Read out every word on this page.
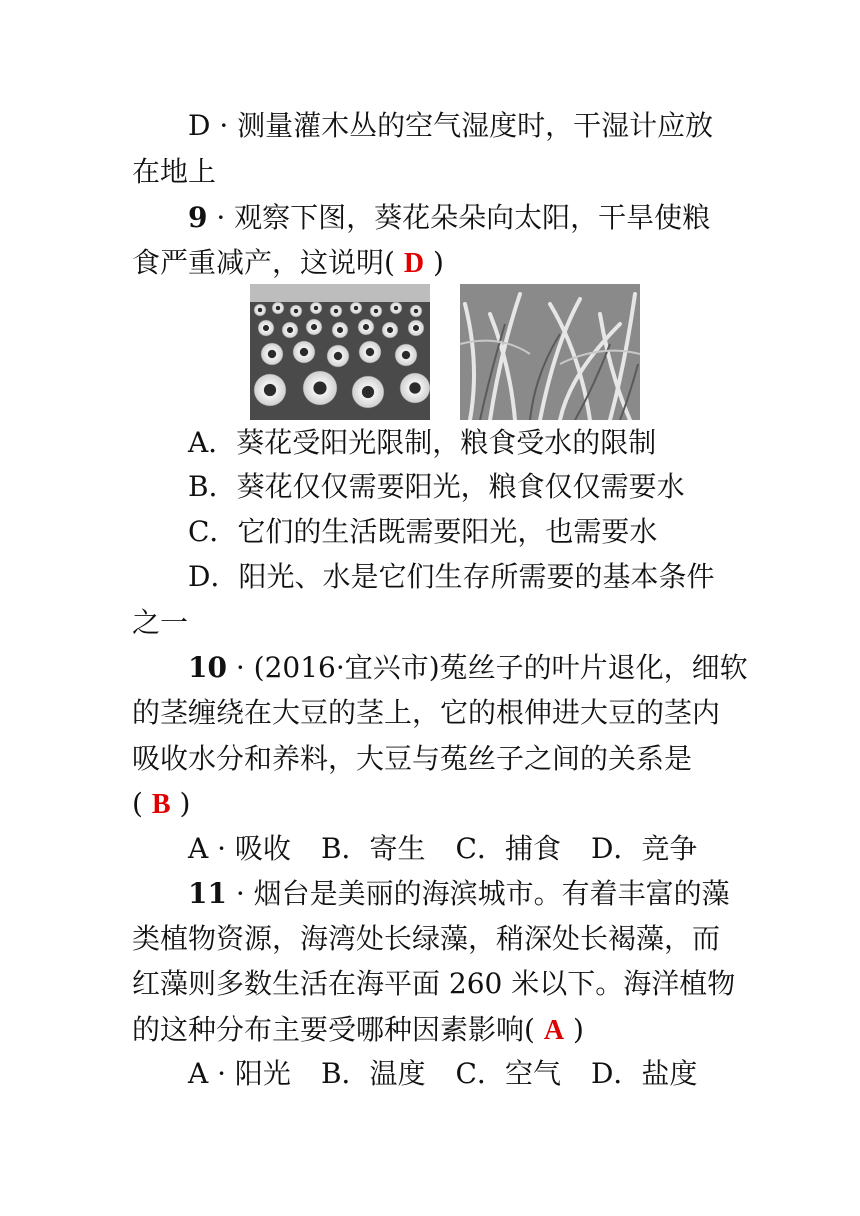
D · 测量灌木丛的空气湿度时，干湿计应放
在地上
9 · 观察下图，葵花朵朵向太阳，干旱使粮
食严重减产，这说明( D )
A．葵花受阳光限制，粮食受水的限制
B．葵花仅仅需要阳光，粮食仅仅需要水
C．它们的生活既需要阳光，也需要水
D．阳光、水是它们生存所需要的基本条件
之一
10 · (2016·宜兴市)菟丝子的叶片退化，细软
的茎缠绕在大豆的茎上，它的根伸进大豆的茎内
吸收水分和养料，大豆与菟丝子之间的关系是
( B )
A · 吸收 B．寄生 C．捕食 D．竞争
11 · 烟台是美丽的海滨城市。有着丰富的藻
类植物资源，海湾处长绿藻，稍深处长褐藻，而
红藻则多数生活在海平面 260 米以下。海洋植物
的这种分布主要受哪种因素影响( A )
A · 阳光 B．温度 C．空气 D．盐度
